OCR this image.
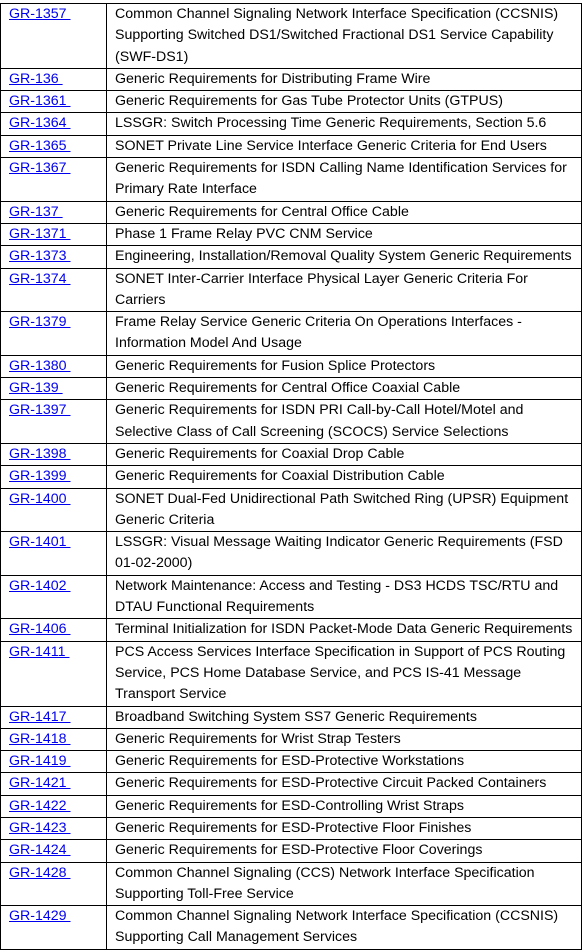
GR-1357	Common Channel Signaling Network Interface Specification (CCSNIS) Supporting Switched DS1/Switched Fractional DS1 Service Capability (SWF-DS1)
GR-136	Generic Requirements for Distributing Frame Wire
GR-1361	Generic Requirements for Gas Tube Protector Units (GTPUS)
GR-1364	LSSGR: Switch Processing Time Generic Requirements, Section 5.6
GR-1365	SONET Private Line Service Interface Generic Criteria for End Users
GR-1367	Generic Requirements for ISDN Calling Name Identification Services for Primary Rate Interface
GR-137	Generic Requirements for Central Office Cable
GR-1371	Phase 1 Frame Relay PVC CNM Service
GR-1373	Engineering, Installation/Removal Quality System Generic Requirements
GR-1374	SONET Inter-Carrier Interface Physical Layer Generic Criteria For Carriers
GR-1379	Frame Relay Service Generic Criteria On Operations Interfaces - Information Model And Usage
GR-1380	Generic Requirements for Fusion Splice Protectors
GR-139	Generic Requirements for Central Office Coaxial Cable
GR-1397	Generic Requirements for ISDN PRI Call-by-Call Hotel/Motel and Selective Class of Call Screening (SCOCS) Service Selections
GR-1398	Generic Requirements for Coaxial Drop Cable
GR-1399	Generic Requirements for Coaxial Distribution Cable
GR-1400	SONET Dual-Fed Unidirectional Path Switched Ring (UPSR) Equipment Generic Criteria
GR-1401	LSSGR: Visual Message Waiting Indicator Generic Requirements (FSD 01-02-2000)
GR-1402	Network Maintenance: Access and Testing - DS3 HCDS TSC/RTU and DTAU Functional Requirements
GR-1406	Terminal Initialization for ISDN Packet-Mode Data Generic Requirements
GR-1411	PCS Access Services Interface Specification in Support of PCS Routing Service, PCS Home Database Service, and PCS IS-41 Message Transport Service
GR-1417	Broadband Switching System SS7 Generic Requirements
GR-1418	Generic Requirements for Wrist Strap Testers
GR-1419	Generic Requirements for ESD-Protective Workstations
GR-1421	Generic Requirements for ESD-Protective Circuit Packed Containers
GR-1422	Generic Requirements for ESD-Controlling Wrist Straps
GR-1423	Generic Requirements for ESD-Protective Floor Finishes
GR-1424	Generic Requirements for ESD-Protective Floor Coverings
GR-1428	Common Channel Signaling (CCS) Network Interface Specification Supporting Toll-Free Service
GR-1429	Common Channel Signaling Network Interface Specification (CCSNIS) Supporting Call Management Services
